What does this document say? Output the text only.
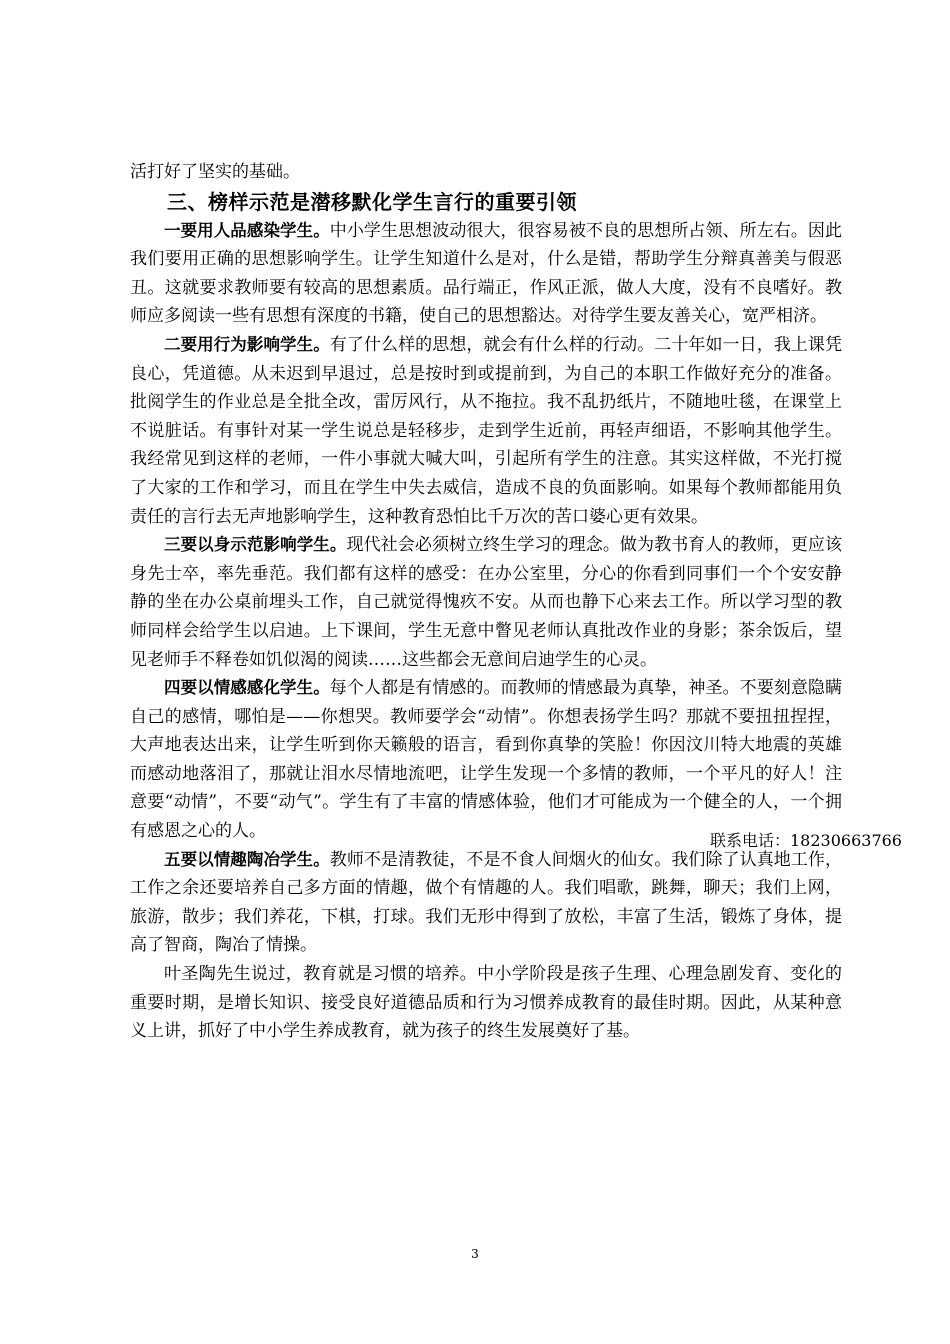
活打好了坚实的基础。

三、榜样示范是潜移默化学生言行的重要引领

一要用人品感染学生。中小学生思想波动很大，很容易被不良的思想所占领、所左右。因此我们要用正确的思想影响学生。让学生知道什么是对，什么是错，帮助学生分辩真善美与假恶丑。这就要求教师要有较高的思想素质。品行端正，作风正派，做人大度，没有不良嗜好。教师应多阅读一些有思想有深度的书籍，使自己的思想豁达。对待学生要友善关心，宽严相济。

二要用行为影响学生。有了什么样的思想，就会有什么样的行动。二十年如一日，我上课凭良心，凭道德。从未迟到早退过，总是按时到或提前到，为自己的本职工作做好充分的准备。批阅学生的作业总是全批全改，雷厉风行，从不拖拉。我不乱扔纸片，不随地吐毯，在课堂上不说脏话。有事针对某一学生说总是轻移步，走到学生近前，再轻声细语，不影响其他学生。我经常见到这样的老师，一件小事就大喊大叫，引起所有学生的注意。其实这样做，不光打搅了大家的工作和学习，而且在学生中失去威信，造成不良的负面影响。如果每个教师都能用负责任的言行去无声地影响学生，这种教育恐怕比千万次的苦口婆心更有效果。

三要以身示范影响学生。现代社会必须树立终生学习的理念。做为教书育人的教师，更应该身先士卒，率先垂范。我们都有这样的感受：在办公室里，分心的你看到同事们一个个安安静静的坐在办公桌前埋头工作，自己就觉得愧疚不安。从而也静下心来去工作。所以学习型的教师同样会给学生以启迪。上下课间，学生无意中瞥见老师认真批改作业的身影；茶余饭后，望见老师手不释卷如饥似渴的阅读……这些都会无意间启迪学生的心灵。

四要以情感感化学生。每个人都是有情感的。而教师的情感最为真挚，神圣。不要刻意隐瞒自己的感情，哪怕是——你想哭。教师要学会“动情”。你想表扬学生吗？那就不要扭扭捏捏，大声地表达出来，让学生听到你天籁般的语言，看到你真挚的笑脸！你因汶川特大地震的英雄而感动地落泪了，那就让泪水尽情地流吧，让学生发现一个多情的教师，一个平凡的好人！注意要“动情”，不要“动气”。学生有了丰富的情感体验，他们才可能成为一个健全的人，一个拥有感恩之心的人。

五要以情趣陶冶学生。教师不是清教徒，不是不食人间烟火的仙女。我们除了认真地工作，工作之余还要培养自己多方面的情趣，做个有情趣的人。我们唱歌，跳舞，聊天；我们上网，旅游，散步；我们养花，下棋，打球。我们无形中得到了放松，丰富了生活，锻炼了身体，提高了智商，陶冶了情操。

叶圣陶先生说过，教育就是习惯的培养。中小学阶段是孩子生理、心理急剧发育、变化的重要时期，是增长知识、接受良好道德品质和行为习惯养成教育的最佳时期。因此，从某种意义上讲，抓好了中小学生养成教育，就为孩子的终生发展奠好了基。

联系电话：18230663766
3
